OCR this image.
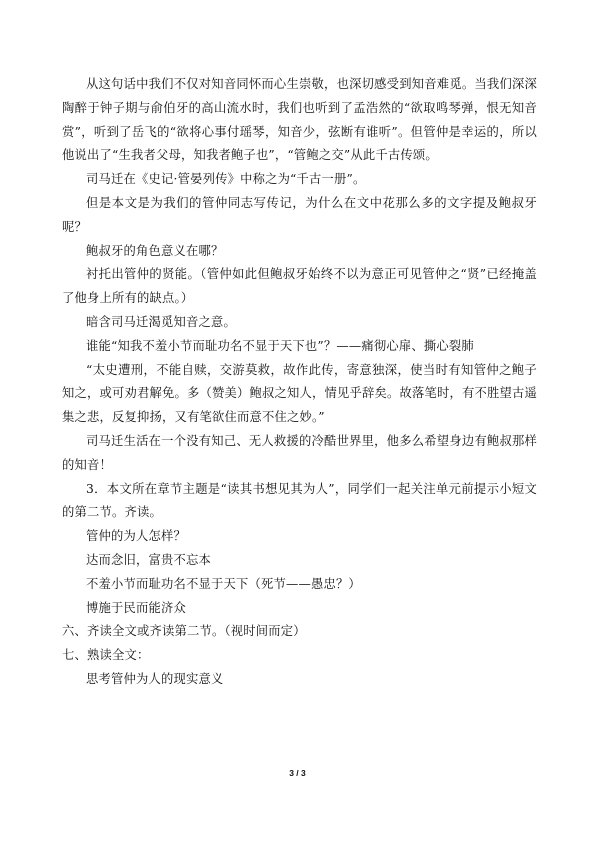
从这句话中我们不仅对知音同怀而心生崇敬，也深切感受到知音难觅。当我们深深陶醉于钟子期与俞伯牙的高山流水时，我们也听到了孟浩然的“欲取鸣琴弹，恨无知音赏”，听到了岳飞的“欲将心事付瑶琴，知音少，弦断有谁听”。但管仲是幸运的，所以他说出了“生我者父母，知我者鲍子也”，“管鲍之交”从此千古传颂。

司马迁在《史记·管晏列传》中称之为“千古一册”。

但是本文是为我们的管仲同志写传记，为什么在文中花那么多的文字提及鲍叔牙呢？

鲍叔牙的角色意义在哪？

衬托出管仲的贤能。（管仲如此但鲍叔牙始终不以为意正可见管仲之“贤”已经掩盖了他身上所有的缺点。）

暗含司马迁渴觅知音之意。

谁能“知我不羞小节而耻功名不显于天下也”？——痛彻心扉、撕心裂肺

“太史遭刑，不能自赎，交游莫救，故作此传，寄意独深，使当时有知管仲之鲍子知之，或可劝君解免。多（赞美）鲍叔之知人，情见乎辞矣。故落笔时，有不胜望古遥集之悲，反复抑扬，又有笔欲住而意不住之妙。”

司马迁生活在一个没有知己、无人救援的冷酷世界里，他多么希望身边有鲍叔那样的知音！

3．本文所在章节主题是“读其书想见其为人”，同学们一起关注单元前提示小短文的第二节。齐读。

管仲的为人怎样？

达而念旧，富贵不忘本

不羞小节而耻功名不显于天下（死节——愚忠？）

博施于民而能济众

六、齐读全文或齐读第二节。（视时间而定）

七、熟读全文：

思考管仲为人的现实意义

3 / 3
